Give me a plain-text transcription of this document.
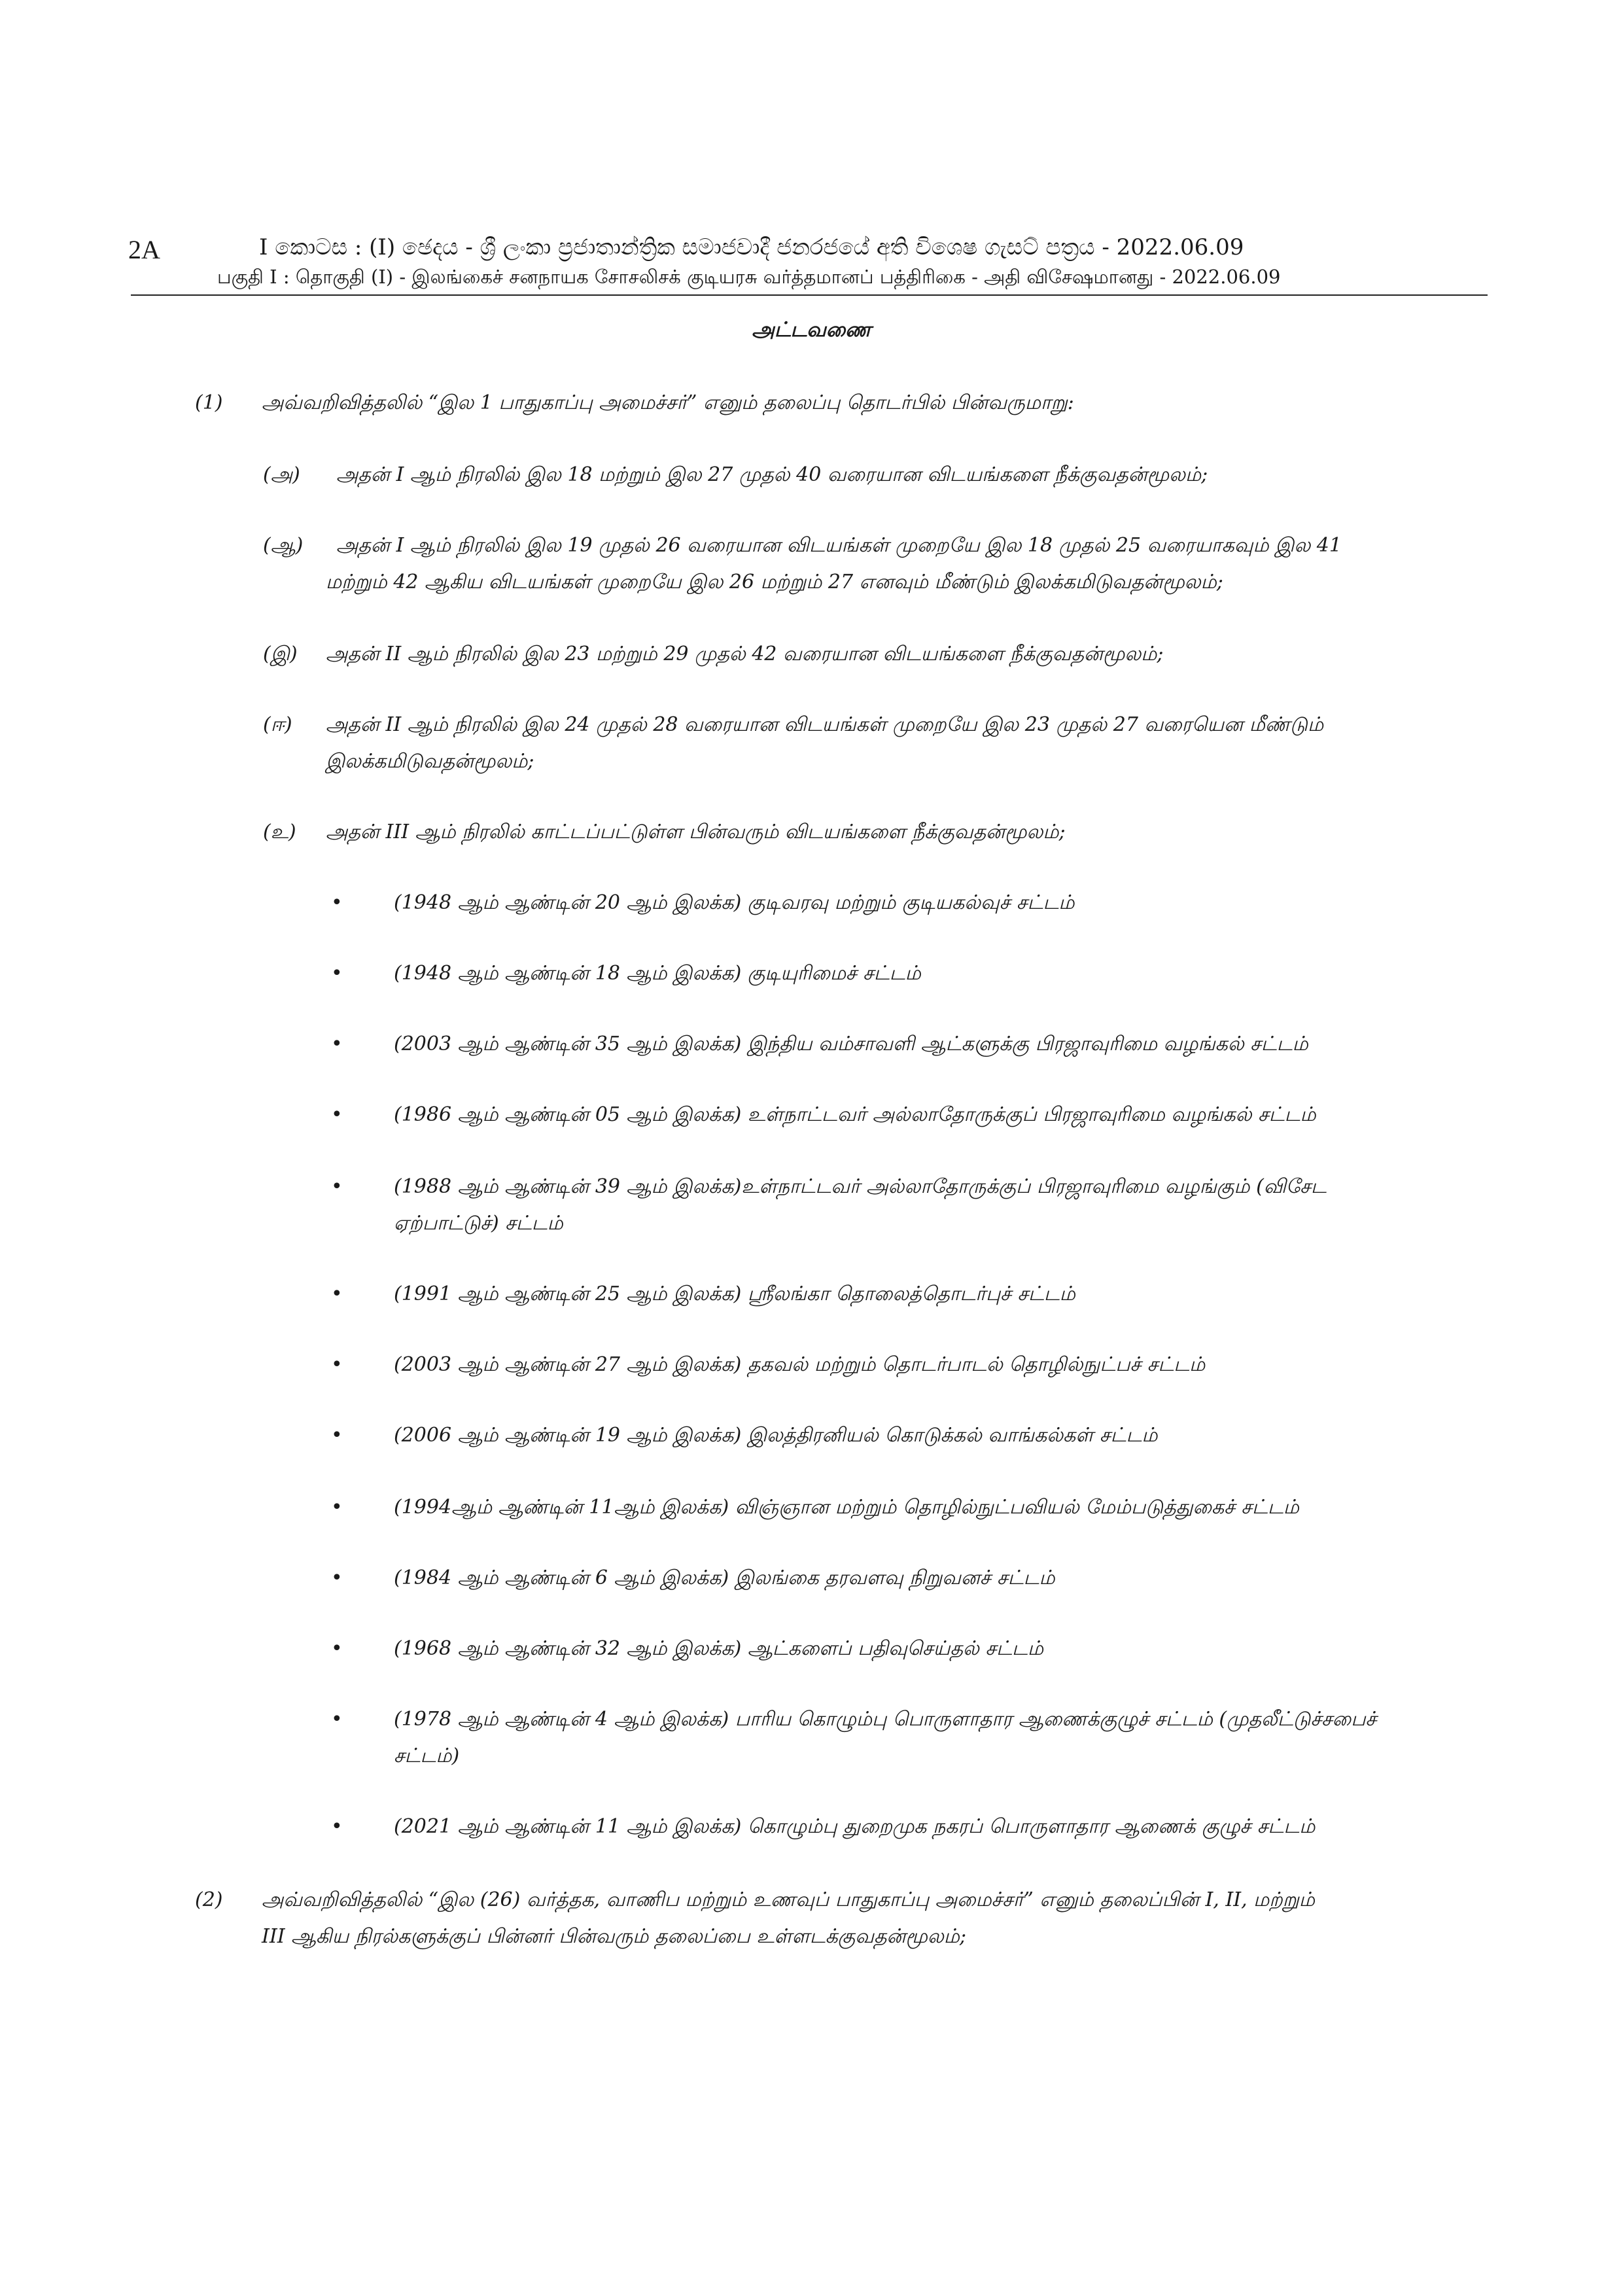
2A	I කොටස : (I) ඡෙදය - ශ්‍රී ලංකා ප්‍රජාතාන්ත්‍රික සමාජවාදී ජනරජයේ අති විශෙෂ ගැසට් පත්‍රය - 2022.06.09
பகுதி I : தொகுதி (I) - இலங்கைச் சனநாயக சோசலிசக் குடியரசு வர்த்தமானப் பத்திரிகை - அதி விசேஷமானது - 2022.06.09
அட்டவணை
(1) அவ்வறிவித்தலில் “இல 1 பாதுகாப்பு அமைச்சர்” எனும் தலைப்பு தொடர்பில் பின்வருமாறு:
(அ) அதன் I ஆம் நிரலில் இல 18 மற்றும் இல 27 முதல் 40 வரையான விடயங்களை நீக்குவதன்மூலம்;
(ஆ) அதன் I ஆம் நிரலில் இல 19 முதல் 26 வரையான விடயங்கள் முறையே இல 18 முதல் 25 வரையாகவும் இல 41
மற்றும் 42 ஆகிய விடயங்கள் முறையே இல 26 மற்றும் 27 எனவும் மீண்டும் இலக்கமிடுவதன்மூலம்;
(இ) அதன் II ஆம் நிரலில் இல 23 மற்றும் 29 முதல் 42 வரையான விடயங்களை நீக்குவதன்மூலம்;
(ஈ) அதன் II ஆம் நிரலில் இல 24 முதல் 28 வரையான விடயங்கள் முறையே இல 23 முதல் 27 வரையென மீண்டும்
இலக்கமிடுவதன்மூலம்;
(உ) அதன் III ஆம் நிரலில் காட்டப்பட்டுள்ள பின்வரும் விடயங்களை நீக்குவதன்மூலம்;
•	(1948 ஆம் ஆண்டின் 20 ஆம் இலக்க) குடிவரவு மற்றும் குடியகல்வுச் சட்டம்
•	(1948 ஆம் ஆண்டின் 18 ஆம் இலக்க) குடியுரிமைச் சட்டம்
•	(2003 ஆம் ஆண்டின் 35 ஆம் இலக்க) இந்திய வம்சாவளி ஆட்களுக்கு பிரஜாவுரிமை வழங்கல் சட்டம்
•	(1986 ஆம் ஆண்டின் 05 ஆம் இலக்க) உள்நாட்டவர் அல்லாதோருக்குப் பிரஜாவுரிமை வழங்கல் சட்டம்
•	(1988 ஆம் ஆண்டின் 39 ஆம் இலக்க)உள்நாட்டவர் அல்லாதோருக்குப் பிரஜாவுரிமை வழங்கும் (விசேட
ஏற்பாட்டுச்) சட்டம்
•	(1991 ஆம் ஆண்டின் 25 ஆம் இலக்க) ஸ்ரீலங்கா தொலைத்தொடர்புச் சட்டம்
•	(2003 ஆம் ஆண்டின் 27 ஆம் இலக்க) தகவல் மற்றும் தொடர்பாடல் தொழில்நுட்பச் சட்டம்
•	(2006 ஆம் ஆண்டின் 19 ஆம் இலக்க) இலத்திரனியல் கொடுக்கல் வாங்கல்கள் சட்டம்
•	(1994ஆம் ஆண்டின் 11ஆம் இலக்க) விஞ்ஞான மற்றும் தொழில்நுட்பவியல் மேம்படுத்துகைச் சட்டம்
•	(1984 ஆம் ஆண்டின் 6 ஆம் இலக்க) இலங்கை தரவளவு நிறுவனச் சட்டம்
•	(1968 ஆம் ஆண்டின் 32 ஆம் இலக்க) ஆட்களைப் பதிவுசெய்தல் சட்டம்
•	(1978 ஆம் ஆண்டின் 4 ஆம் இலக்க) பாரிய கொழும்பு பொருளாதார ஆணைக்குழுச் சட்டம் (முதலீட்டுச்சபைச்
சட்டம்)
•	(2021 ஆம் ஆண்டின் 11 ஆம் இலக்க) கொழும்பு துறைமுக நகரப் பொருளாதார ஆணைக் குழுச் சட்டம்
(2) அவ்வறிவித்தலில் “இல (26) வர்த்தக, வாணிப மற்றும் உணவுப் பாதுகாப்பு அமைச்சர்” எனும் தலைப்பின் I, II, மற்றும்
III ஆகிய நிரல்களுக்குப் பின்னர் பின்வரும் தலைப்பை உள்ளடக்குவதன்மூலம்;
